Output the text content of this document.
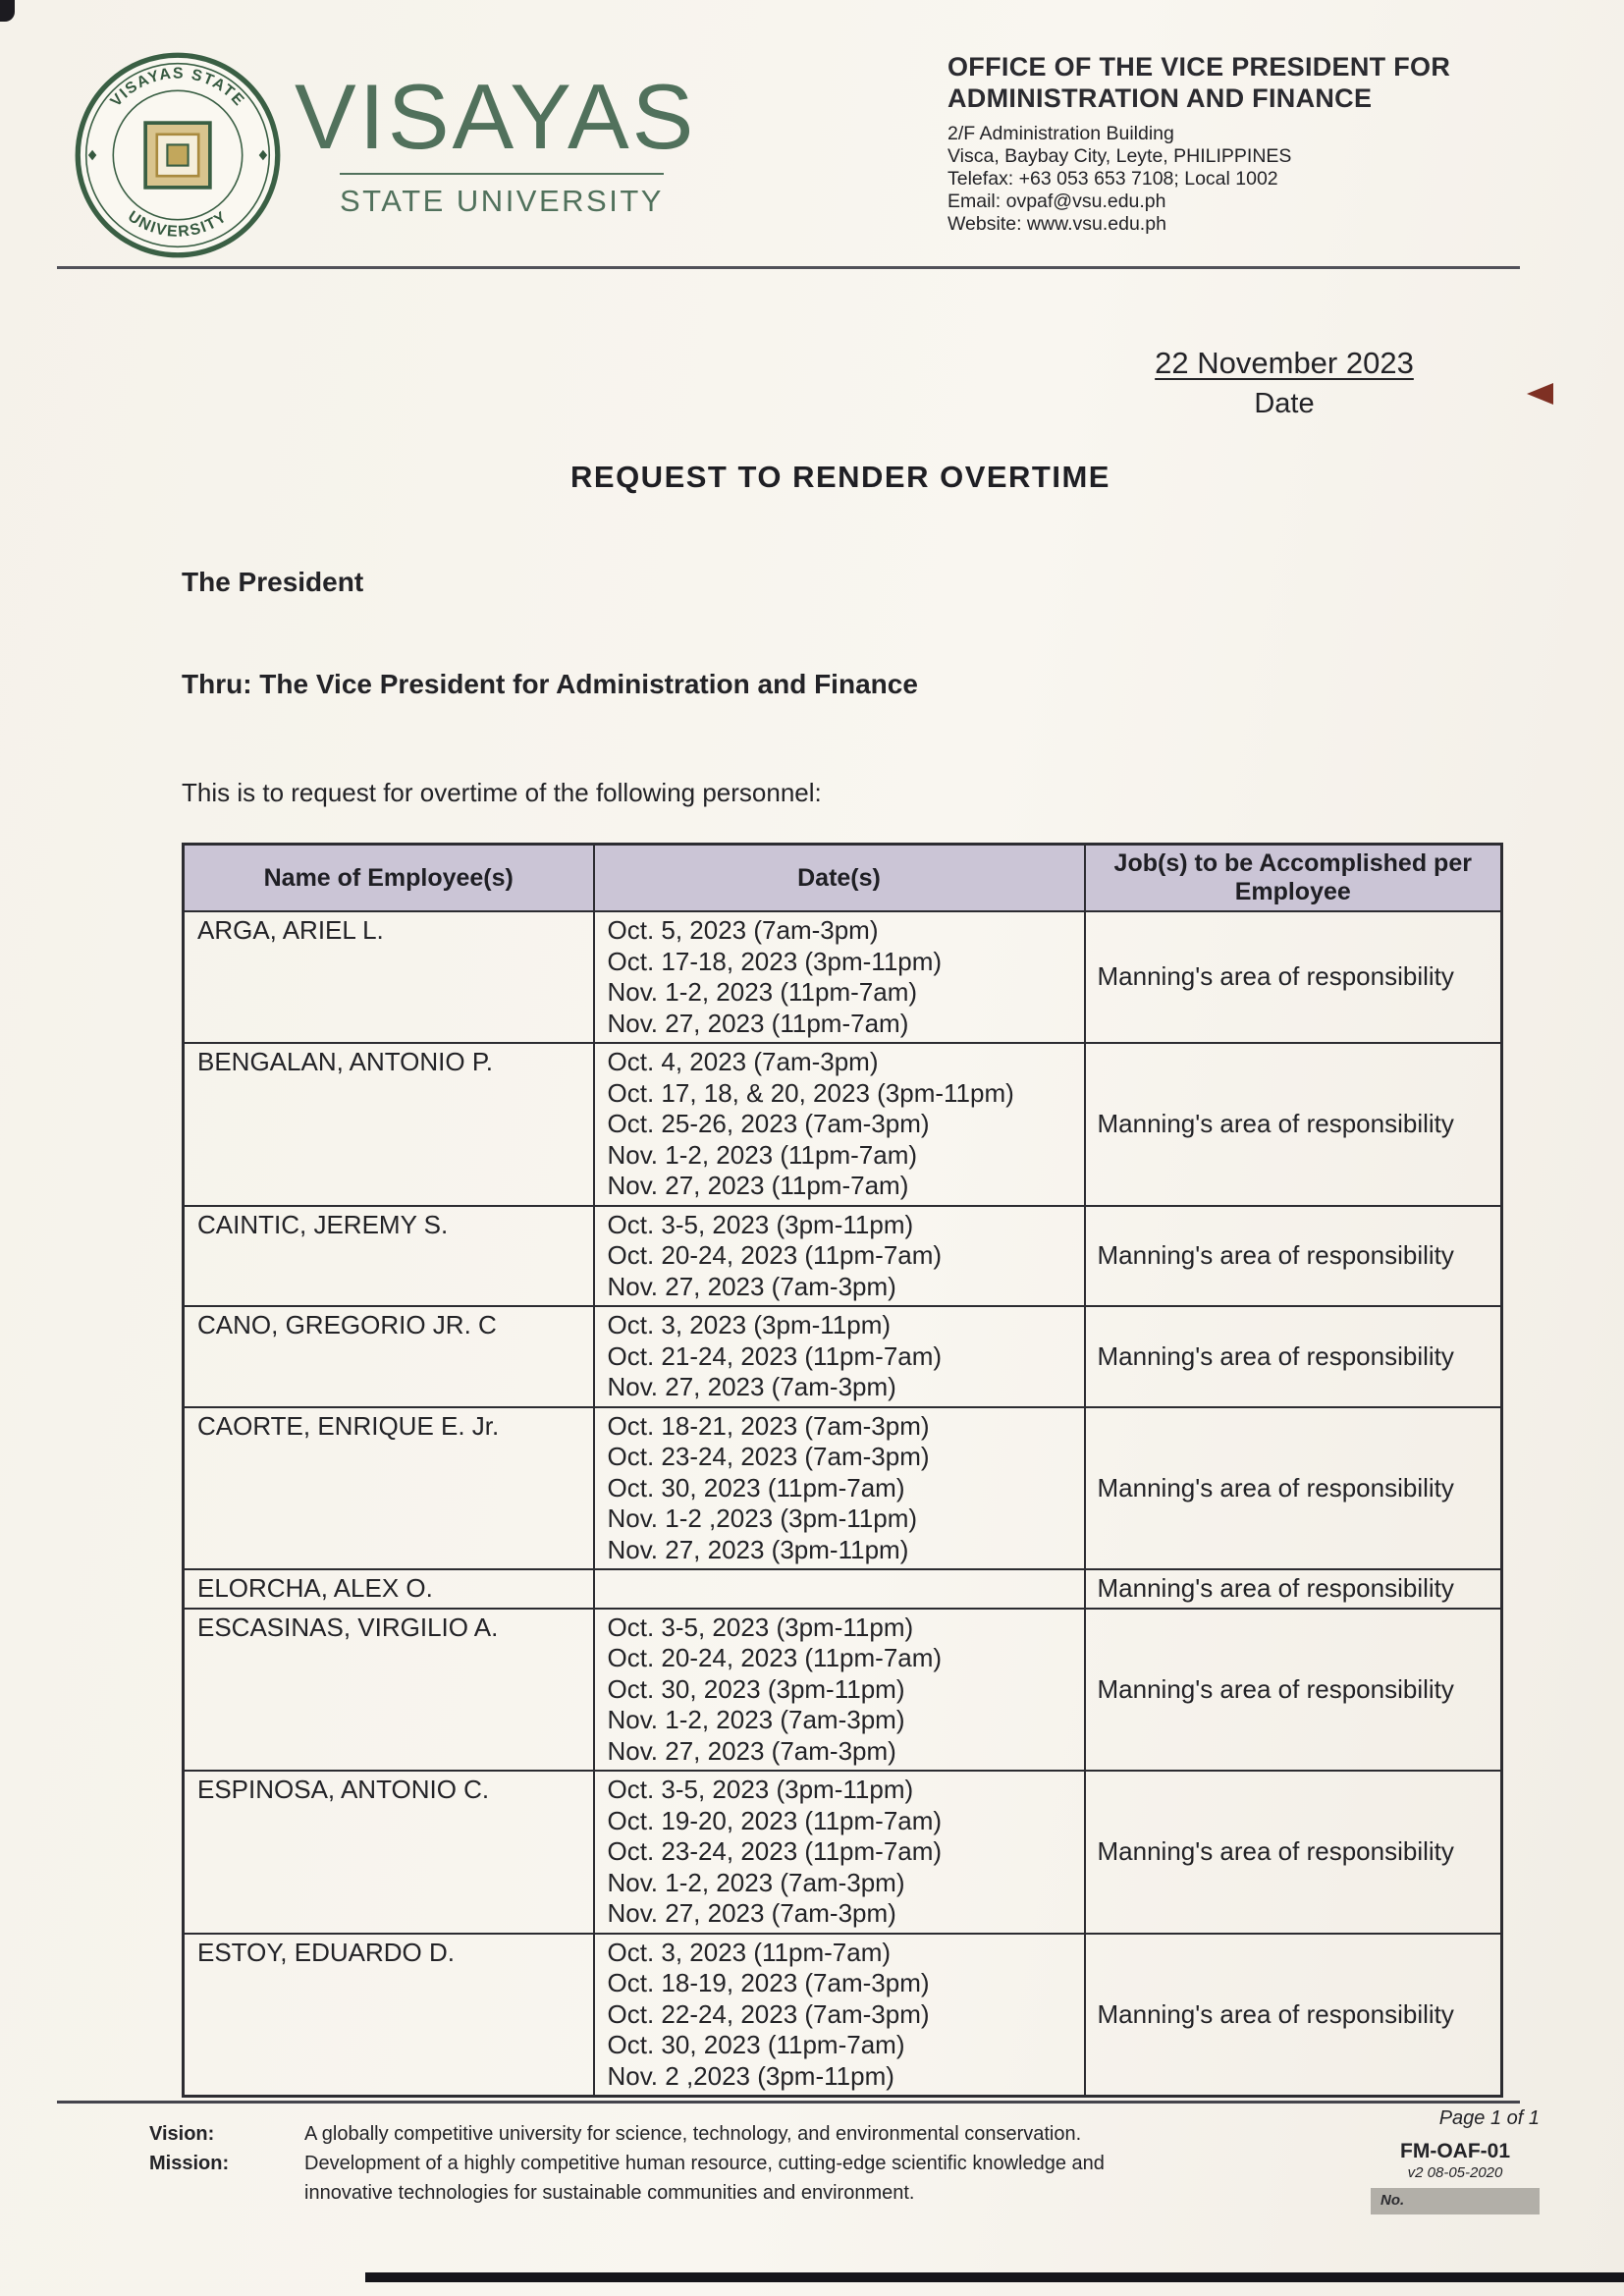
VISAYAS STATE
UNIVERSITY
VISAYAS
STATE UNIVERSITY
OFFICE OF THE VICE PRESIDENT FOR
ADMINISTRATION AND FINANCE
2/F Administration Building
Visca, Baybay City, Leyte, PHILIPPINES
Telefax: +63 053 653 7108; Local 1002
Email: ovpaf@vsu.edu.ph
Website: www.vsu.edu.ph
22 November 2023
Date
REQUEST TO RENDER OVERTIME
The President
Thru: The Vice President for Administration and Finance
This is to request for overtime of the following personnel:
Name of Employee(s)	Date(s)	Job(s) to be Accomplished per Employee
ARGA, ARIEL L.	Oct. 5, 2023 (7am-3pm)
Oct. 17-18, 2023 (3pm-11pm)
Nov. 1-2, 2023 (11pm-7am)
Nov. 27, 2023 (11pm-7am)	Manning's area of responsibility
BENGALAN, ANTONIO P.	Oct. 4, 2023 (7am-3pm)
Oct. 17, 18, & 20, 2023 (3pm-11pm)
Oct. 25-26, 2023 (7am-3pm)
Nov. 1-2, 2023 (11pm-7am)
Nov. 27, 2023 (11pm-7am)	Manning's area of responsibility
CAINTIC, JEREMY S.	Oct. 3-5, 2023 (3pm-11pm)
Oct. 20-24, 2023 (11pm-7am)
Nov. 27, 2023 (7am-3pm)	Manning's area of responsibility
CANO, GREGORIO JR. C	Oct. 3, 2023 (3pm-11pm)
Oct. 21-24, 2023 (11pm-7am)
Nov. 27, 2023 (7am-3pm)	Manning's area of responsibility
CAORTE, ENRIQUE E. Jr.	Oct. 18-21, 2023 (7am-3pm)
Oct. 23-24, 2023 (7am-3pm)
Oct. 30, 2023 (11pm-7am)
Nov. 1-2 ,2023 (3pm-11pm)
Nov. 27, 2023 (3pm-11pm)	Manning's area of responsibility
ELORCHA, ALEX O.		Manning's area of responsibility
ESCASINAS, VIRGILIO A.	Oct. 3-5, 2023 (3pm-11pm)
Oct. 20-24, 2023 (11pm-7am)
Oct. 30, 2023 (3pm-11pm)
Nov. 1-2, 2023 (7am-3pm)
Nov. 27, 2023 (7am-3pm)	Manning's area of responsibility
ESPINOSA, ANTONIO C.	Oct. 3-5, 2023 (3pm-11pm)
Oct. 19-20, 2023 (11pm-7am)
Oct. 23-24, 2023 (11pm-7am)
Nov. 1-2, 2023 (7am-3pm)
Nov. 27, 2023 (7am-3pm)	Manning's area of responsibility
ESTOY, EDUARDO D.	Oct. 3, 2023 (11pm-7am)
Oct. 18-19, 2023 (7am-3pm)
Oct. 22-24, 2023 (7am-3pm)
Oct. 30, 2023 (11pm-7am)
Nov. 2 ,2023 (3pm-11pm)	Manning's area of responsibility
Vision:	A globally competitive university for science, technology, and environmental conservation.
Mission:	Development of a highly competitive human resource, cutting-edge scientific knowledge and innovative technologies for sustainable communities and environment.
Page 1 of 1
FM-OAF-01
v2 08-05-2020
No.
